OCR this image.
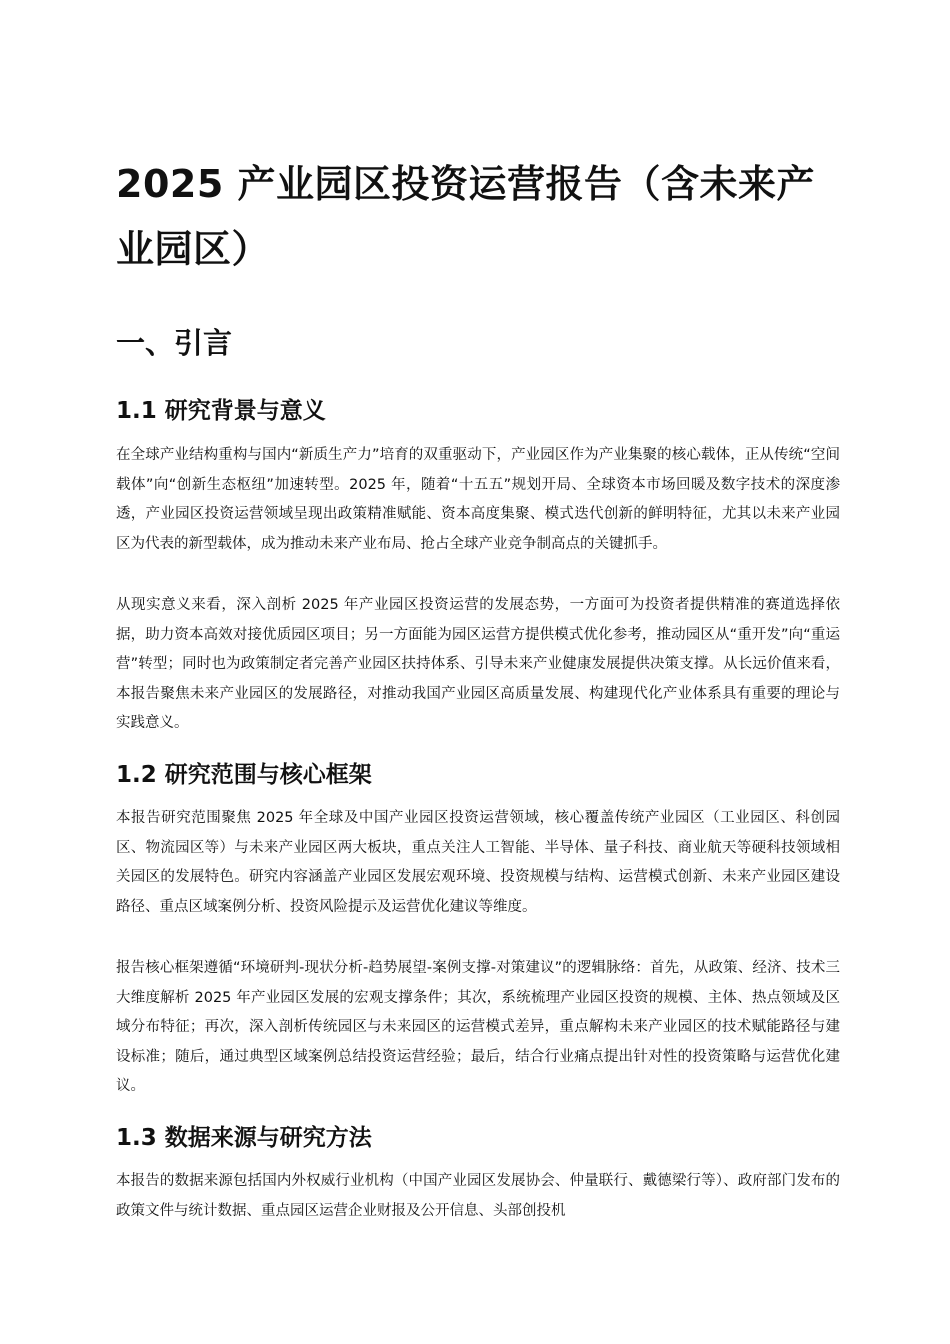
2025 产业园区投资运营报告（含未来产业园区）
一、引言
1.1 研究背景与意义

在全球产业结构重构与国内“新质生产力”培育的双重驱动下，产业园区作为产业集聚的核心载体，正从传统“空间载体”向“创新生态枢纽”加速转型。2025 年，随着“十五五”规划开局、全球资本市场回暖及数字技术的深度渗透，产业园区投资运营领域呈现出政策精准赋能、资本高度集聚、模式迭代创新的鲜明特征，尤其以未来产业园区为代表的新型载体，成为推动未来产业布局、抢占全球产业竞争制高点的关键抓手。

从现实意义来看，深入剖析 2025 年产业园区投资运营的发展态势，一方面可为投资者提供精准的赛道选择依据，助力资本高效对接优质园区项目；另一方面能为园区运营方提供模式优化参考，推动园区从“重开发”向“重运营”转型；同时也为政策制定者完善产业园区扶持体系、引导未来产业健康发展提供决策支撑。从长远价值来看，本报告聚焦未来产业园区的发展路径，对推动我国产业园区高质量发展、构建现代化产业体系具有重要的理论与实践意义。

1.2 研究范围与核心框架

本报告研究范围聚焦 2025 年全球及中国产业园区投资运营领域，核心覆盖传统产业园区（工业园区、科创园区、物流园区等）与未来产业园区两大板块，重点关注人工智能、半导体、量子科技、商业航天等硬科技领域相关园区的发展特色。研究内容涵盖产业园区发展宏观环境、投资规模与结构、运营模式创新、未来产业园区建设路径、重点区域案例分析、投资风险提示及运营优化建议等维度。

报告核心框架遵循“环境研判-现状分析-趋势展望-案例支撑-对策建议”的逻辑脉络：首先，从政策、经济、技术三大维度解析 2025 年产业园区发展的宏观支撑条件；其次，系统梳理产业园区投资的规模、主体、热点领域及区域分布特征；再次，深入剖析传统园区与未来园区的运营模式差异，重点解构未来产业园区的技术赋能路径与建设标准；随后，通过典型区域案例总结投资运营经验；最后，结合行业痛点提出针对性的投资策略与运营优化建议。

1.3 数据来源与研究方法

本报告的数据来源包括国内外权威行业机构（中国产业园区发展协会、仲量联行、戴德梁行等）、政府部门发布的政策文件与统计数据、重点园区运营企业财报及公开信息、头部创投机
